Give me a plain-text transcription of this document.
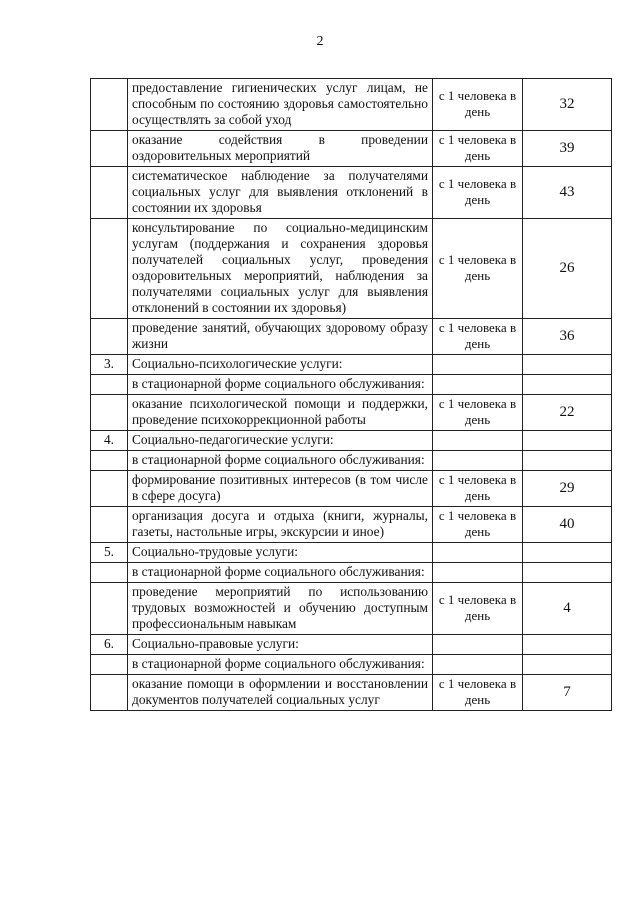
2
	предоставление гигиенических услуг лицам, не способным по состоянию здоровья самостоятельно осуществлять за собой уход	с 1 человека в день	32
	оказание содействия в проведении оздоровительных мероприятий	с 1 человека в день	39
	систематическое наблюдение за получателями социальных услуг для выявления отклонений в состоянии их здоровья	с 1 человека в день	43
	консультирование по социально-медицинским услугам (поддержания и сохранения здоровья получателей социальных услуг, проведения оздоровительных мероприятий, наблюдения за получателями социальных услуг для выявления отклонений в состоянии их здоровья)	с 1 человека в день	26
	проведение занятий, обучающих здоровому образу жизни	с 1 человека в день	36
3.	Социально-психологические услуги:		
	в стационарной форме социального обслуживания:		
	оказание психологической помощи и поддержки, проведение психокоррекционной работы	с 1 человека в день	22
4.	Социально-педагогические услуги:		
	в стационарной форме социального обслуживания:		
	формирование позитивных интересов (в том числе в сфере досуга)	с 1 человека в день	29
	организация досуга и отдыха (книги, журналы, газеты, настольные игры, экскурсии и иное)	с 1 человека в день	40
5.	Социально-трудовые услуги:		
	в стационарной форме социального обслуживания:		
	проведение мероприятий по использованию трудовых возможностей и обучению доступным профессиональным навыкам	с 1 человека в день	4
6.	Социально-правовые услуги:		
	в стационарной форме социального обслуживания:		
	оказание помощи в оформлении и восстановлении документов получателей социальных услуг	с 1 человека в день	7
